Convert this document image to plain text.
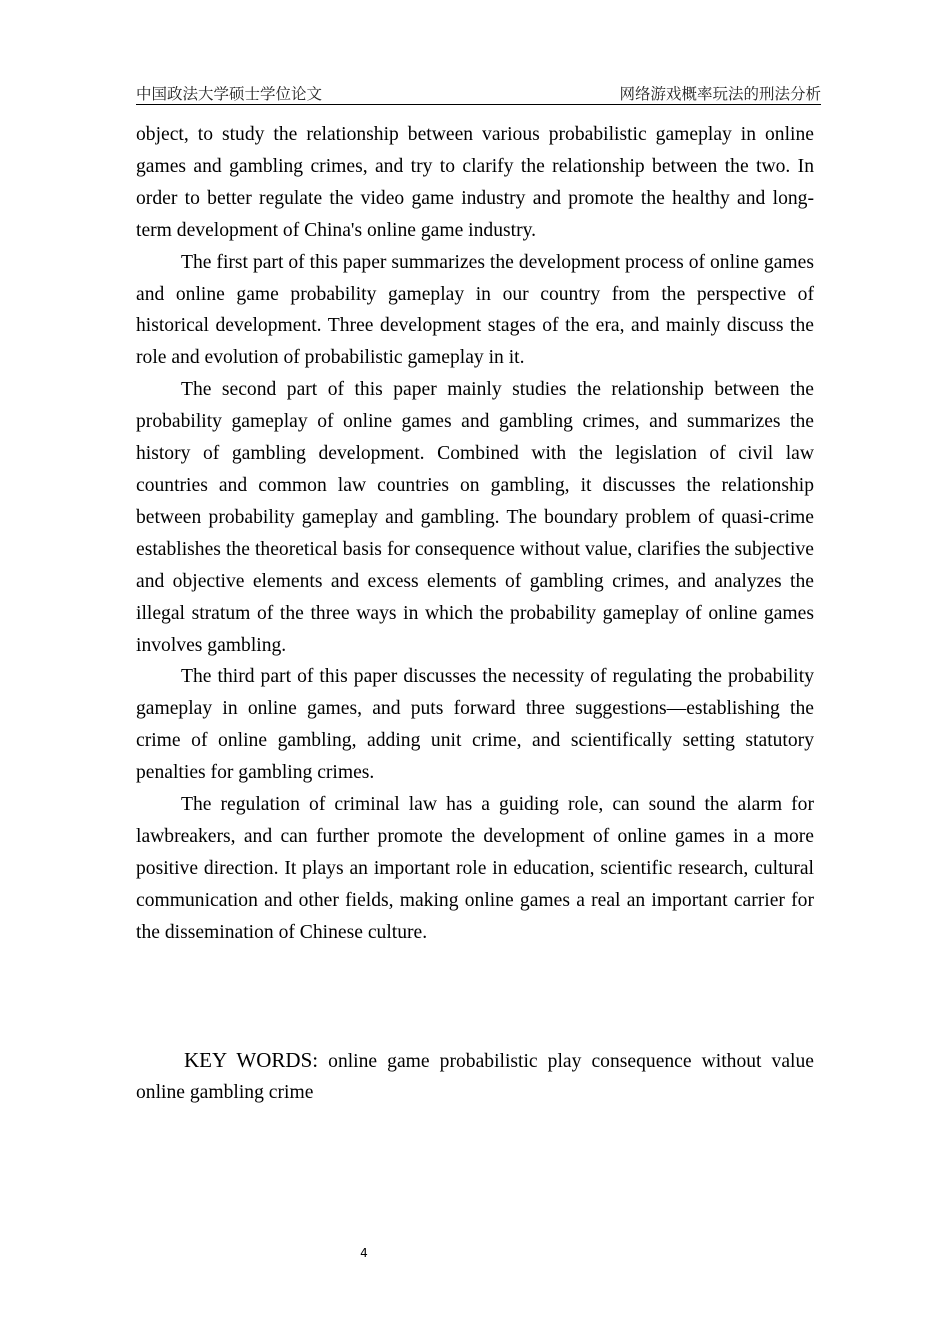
中国政法大学硕士学位论文	网络游戏概率玩法的刑法分析

object, to study the relationship between various probabilistic gameplay in online games and gambling crimes, and try to clarify the relationship between the two. In order to better regulate the video game industry and promote the healthy and long-term development of China's online game industry.

The first part of this paper summarizes the development process of online games and online game probability gameplay in our country from the perspective of historical development. Three development stages of the era, and mainly discuss the role and evolution of probabilistic gameplay in it.

The second part of this paper mainly studies the relationship between the probability gameplay of online games and gambling crimes, and summarizes the history of gambling development. Combined with the legislation of civil law countries and common law countries on gambling, it discusses the relationship between probability gameplay and gambling. The boundary problem of quasi-crime establishes the theoretical basis for consequence without value, clarifies the subjective and objective elements and excess elements of gambling crimes, and analyzes the illegal stratum of the three ways in which the probability gameplay of online games involves gambling.

The third part of this paper discusses the necessity of regulating the probability gameplay in online games, and puts forward three suggestions—establishing the crime of online gambling, adding unit crime, and scientifically setting statutory penalties for gambling crimes.

The regulation of criminal law has a guiding role, can sound the alarm for lawbreakers, and can further promote the development of online games in a more positive direction. It plays an important role in education, scientific research, cultural communication and other fields, making online games a real an important carrier for the dissemination of Chinese culture.

KEY WORDS: online game probabilistic play consequence without value online gambling crime
4
